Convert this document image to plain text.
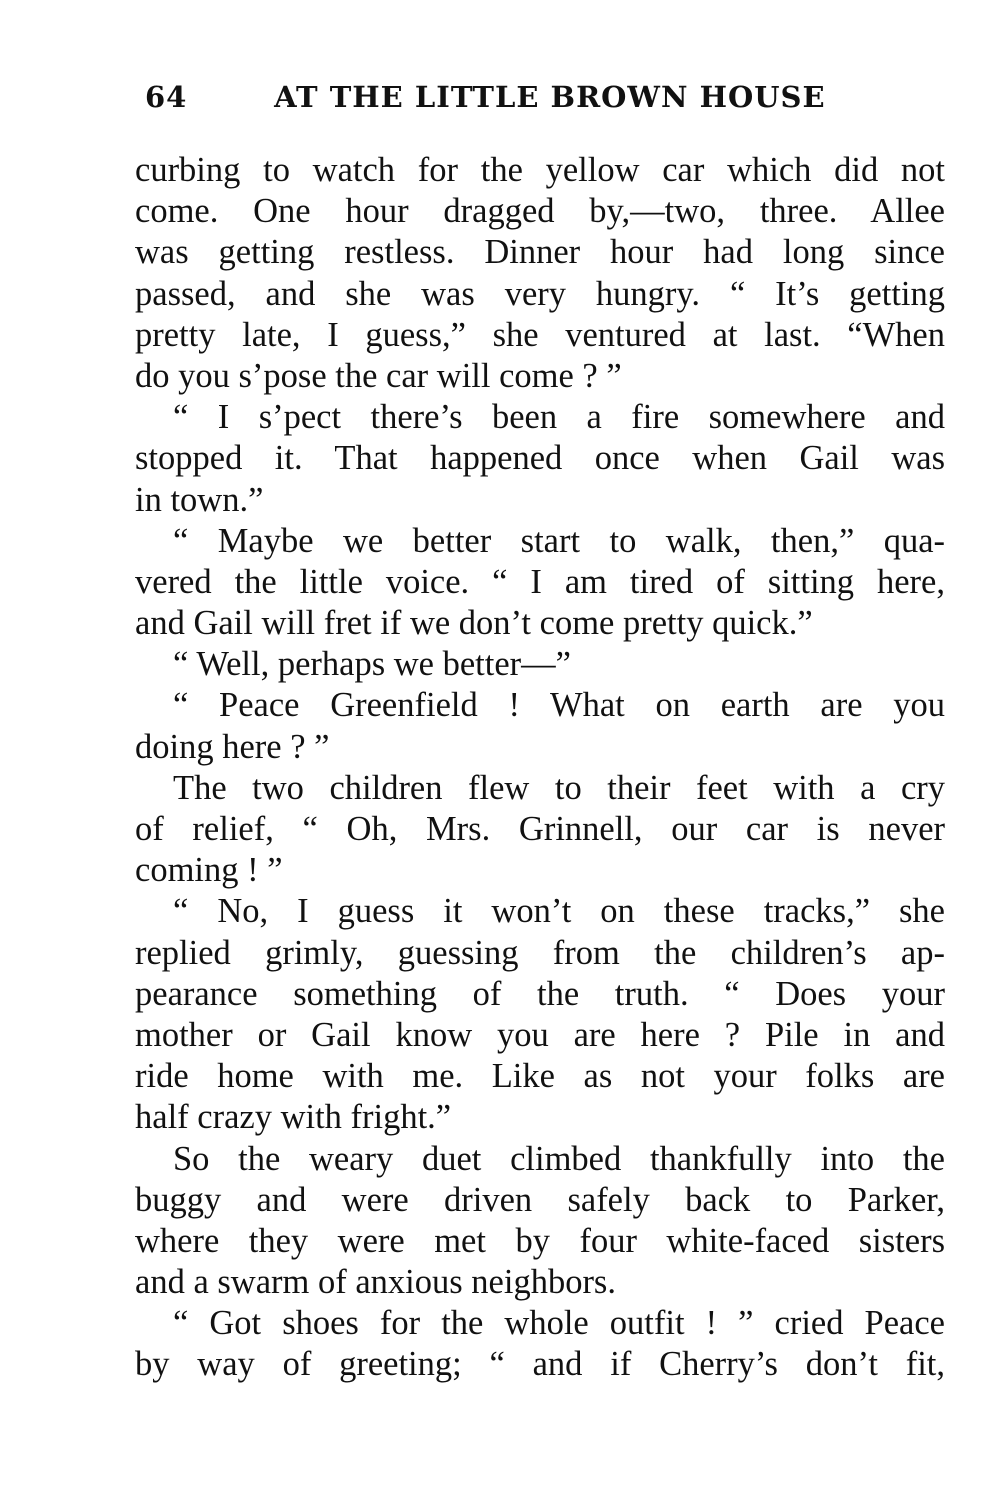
64	AT THE LITTLE BROWN HOUSE
curbing to watch for the yellow car which did not
come. One hour dragged by,—two, three. Allee
was getting restless. Dinner hour had long since
passed, and she was very hungry. “ It’s getting
pretty late, I guess,” she ventured at last. “When
do you s’pose the car will come ? ”
“ I s’pect there’s been a fire somewhere and
stopped it. That happened once when Gail was
in town.”
“ Maybe we better start to walk, then,” qua-
vered the little voice. “ I am tired of sitting here,
and Gail will fret if we don’t come pretty quick.”
“ Well, perhaps we better—”
“ Peace Greenfield ! What on earth are you
doing here ? ”
The two children flew to their feet with a cry
of relief, “ Oh, Mrs. Grinnell, our car is never
coming ! ”
“ No, I guess it won’t on these tracks,” she
replied grimly, guessing from the children’s ap-
pearance something of the truth. “ Does your
mother or Gail know you are here ? Pile in and
ride home with me. Like as not your folks are
half crazy with fright.”
So the weary duet climbed thankfully into the
buggy and were driven safely back to Parker,
where they were met by four white-faced sisters
and a swarm of anxious neighbors.
“ Got shoes for the whole outfit ! ” cried Peace
by way of greeting; “ and if Cherry’s don’t fit,
